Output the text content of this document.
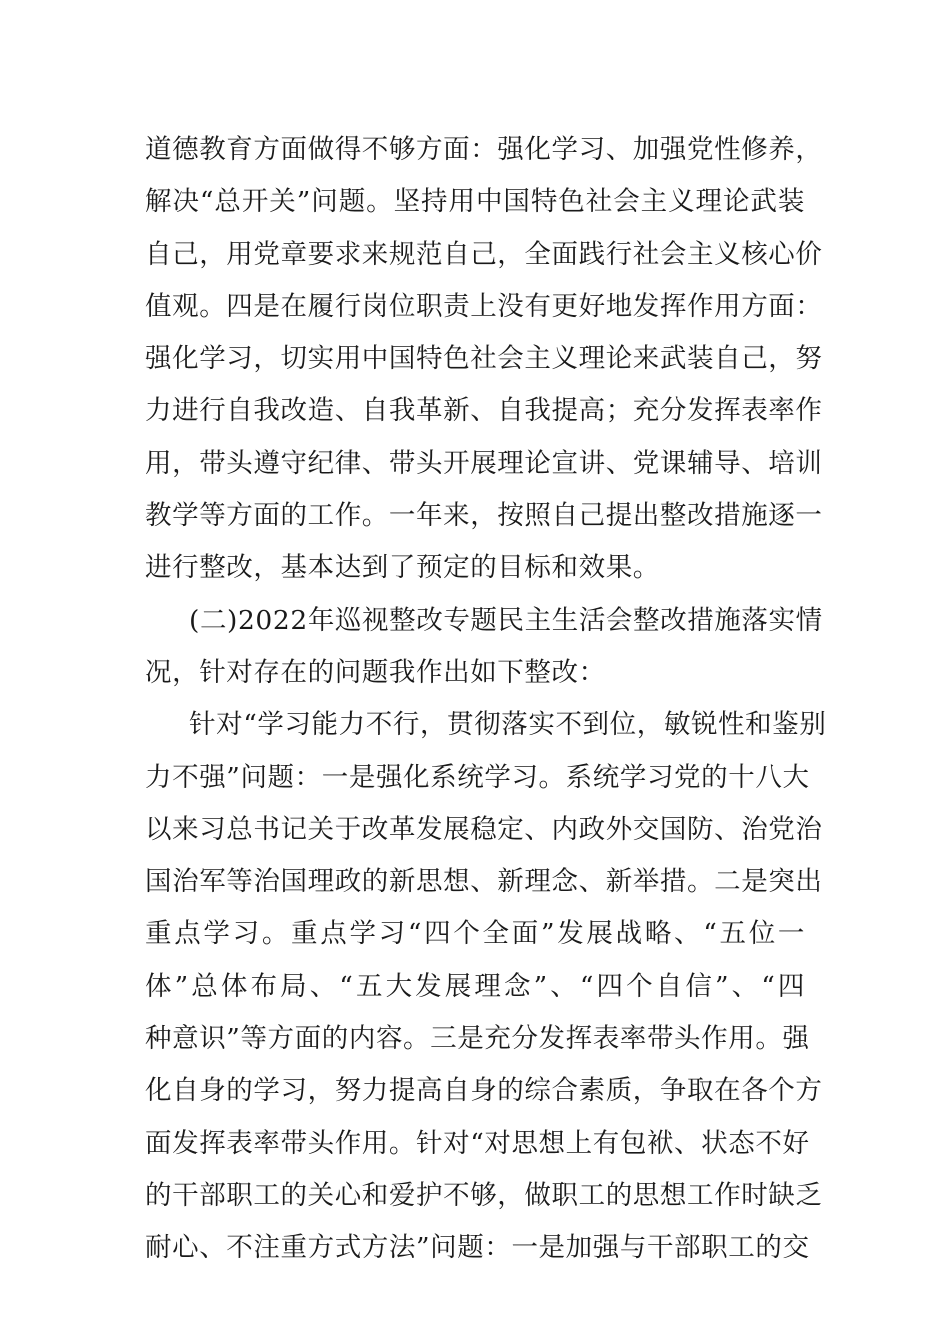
道德教育方面做得不够方面：强化学习、加强党性修养，
解决“总开关”问题。坚持用中国特色社会主义理论武装
自己，用党章要求来规范自己，全面践行社会主义核心价
值观。四是在履行岗位职责上没有更好地发挥作用方面：
强化学习，切实用中国特色社会主义理论来武装自己，努
力进行自我改造、自我革新、自我提高；充分发挥表率作
用，带头遵守纪律、带头开展理论宣讲、党课辅导、培训
教学等方面的工作。一年来，按照自己提出整改措施逐一
进行整改，基本达到了预定的目标和效果。
(二)2022年巡视整改专题民主生活会整改措施落实情
况，针对存在的问题我作出如下整改：
针对“学习能力不行，贯彻落实不到位，敏锐性和鉴别
力不强”问题：一是强化系统学习。系统学习党的十八大
以来习总书记关于改革发展稳定、内政外交国防、治党治
国治军等治国理政的新思想、新理念、新举措。二是突出
重点学习。重点学习“四个全面”发展战略、“五位一
体”总体布局、“五大发展理念”、“四个自信”、“四
种意识”等方面的内容。三是充分发挥表率带头作用。强
化自身的学习，努力提高自身的综合素质，争取在各个方
面发挥表率带头作用。针对“对思想上有包袱、状态不好
的干部职工的关心和爱护不够，做职工的思想工作时缺乏
耐心、不注重方式方法”问题：一是加强与干部职工的交
